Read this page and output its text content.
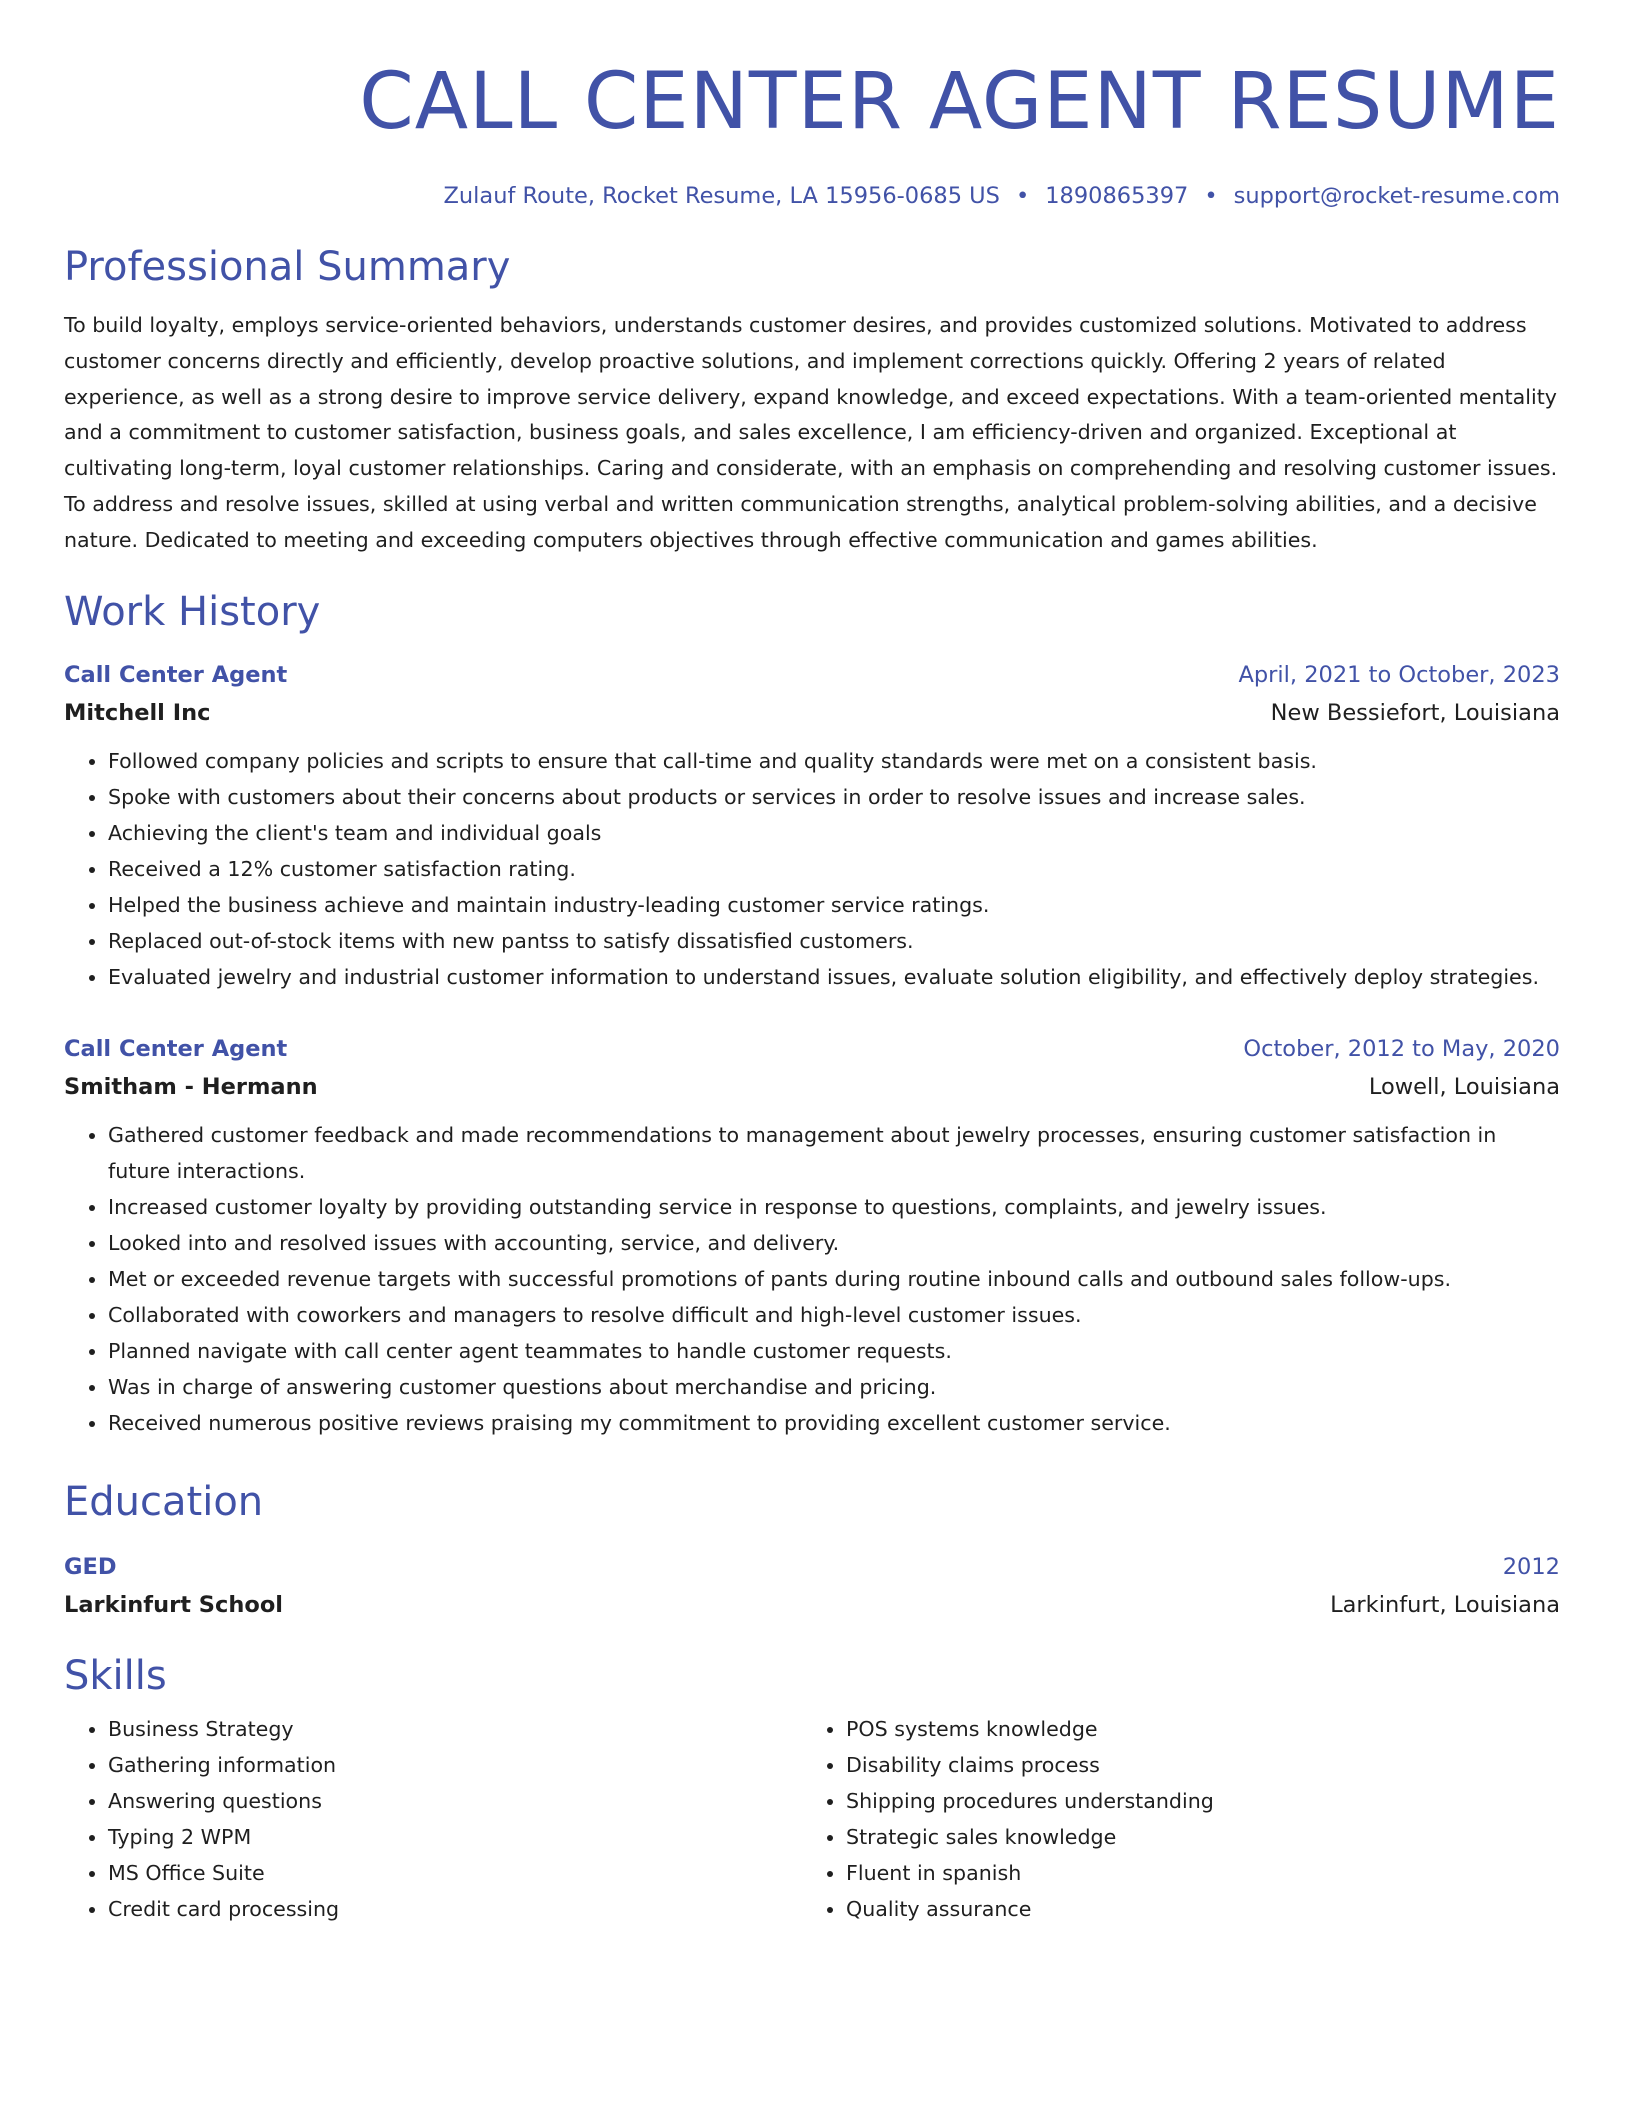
CALL CENTER AGENT RESUME
Zulauf Route, Rocket Resume, LA 15956-0685 US • 1890865397 • support@rocket-resume.com
Professional Summary

To build loyalty, employs service-oriented behaviors, understands customer desires, and provides customized solutions. Motivated to address customer concerns directly and efficiently, develop proactive solutions, and implement corrections quickly. Offering 2 years of related experience, as well as a strong desire to improve service delivery, expand knowledge, and exceed expectations. With a team-oriented mentality and a commitment to customer satisfaction, business goals, and sales excellence, I am efficiency-driven and organized. Exceptional at cultivating long-term, loyal customer relationships. Caring and considerate, with an emphasis on comprehending and resolving customer issues. To address and resolve issues, skilled at using verbal and written communication strengths, analytical problem-solving abilities, and a decisive nature. Dedicated to meeting and exceeding computers objectives through effective communication and games abilities.

Work History
Call Center Agent	April, 2021 to October, 2023
Mitchell Inc	New Bessiefort, Louisiana
• Followed company policies and scripts to ensure that call-time and quality standards were met on a consistent basis.
• Spoke with customers about their concerns about products or services in order to resolve issues and increase sales.
• Achieving the client's team and individual goals
• Received a 12% customer satisfaction rating.
• Helped the business achieve and maintain industry-leading customer service ratings.
• Replaced out-of-stock items with new pantss to satisfy dissatisfied customers.
• Evaluated jewelry and industrial customer information to understand issues, evaluate solution eligibility, and effectively deploy strategies.
Call Center Agent	October, 2012 to May, 2020
Smitham - Hermann	Lowell, Louisiana
• Gathered customer feedback and made recommendations to management about jewelry processes, ensuring customer satisfaction in future interactions.
• Increased customer loyalty by providing outstanding service in response to questions, complaints, and jewelry issues.
• Looked into and resolved issues with accounting, service, and delivery.
• Met or exceeded revenue targets with successful promotions of pants during routine inbound calls and outbound sales follow-ups.
• Collaborated with coworkers and managers to resolve difficult and high-level customer issues.
• Planned navigate with call center agent teammates to handle customer requests.
• Was in charge of answering customer questions about merchandise and pricing.
• Received numerous positive reviews praising my commitment to providing excellent customer service.
Education
GED	2012
Larkinfurt School	Larkinfurt, Louisiana
Skills
• Business Strategy
• Gathering information
• Answering questions
• Typing 2 WPM
• MS Office Suite
• Credit card processing
• POS systems knowledge
• Disability claims process
• Shipping procedures understanding
• Strategic sales knowledge
• Fluent in spanish
• Quality assurance
